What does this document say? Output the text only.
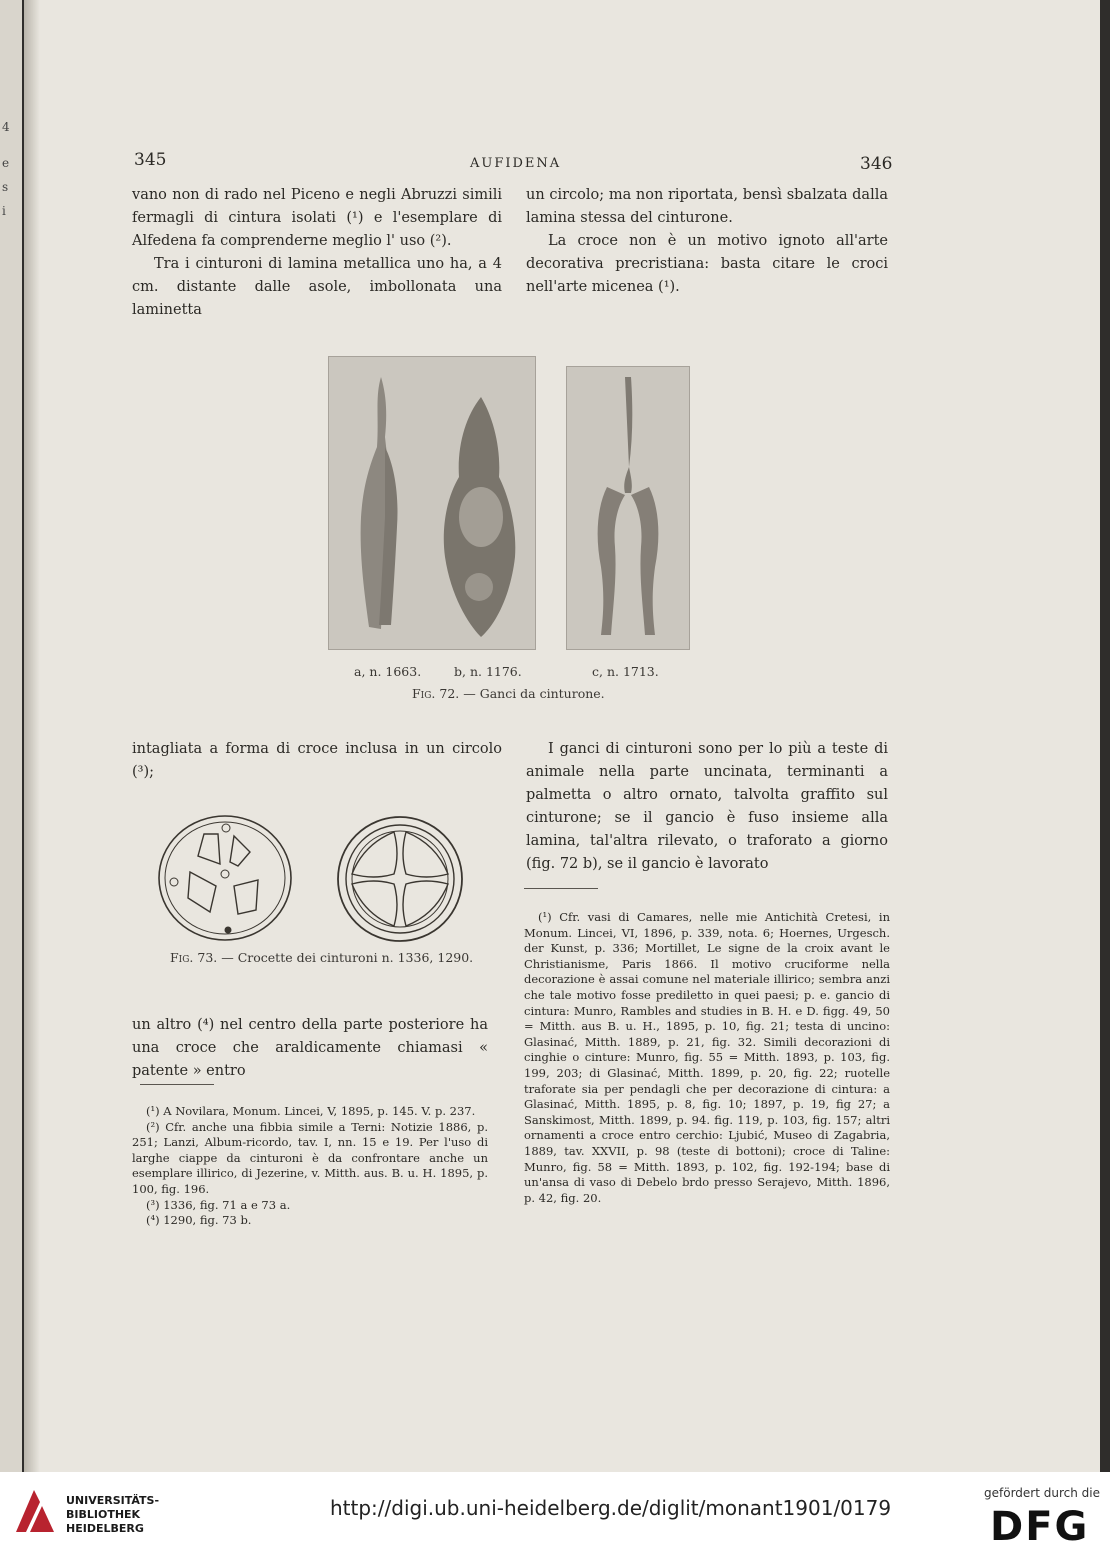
4
e
s
i
345	AUFIDENA	346

vano non di rado nel Piceno e negli Abruzzi simili fermagli di cintura isolati (¹) e l'esemplare di Alfedena fa comprenderne meglio l' uso (²).

Tra i cinturoni di lamina metallica uno ha, a 4 cm. distante dalle asole, imbollonata una laminetta

un circolo; ma non riportata, bensì sbalzata dalla lamina stessa del cinturone.

La croce non è un motivo ignoto all'arte decorativa precristiana: basta citare le croci nell'arte micenea (¹).

a, n. 1663.	b, n. 1176.	c, n. 1713.
Fig. 72. — Ganci da cinturone.

intagliata a forma di croce inclusa in un circolo (³);

I ganci di cinturoni sono per lo più a teste di animale nella parte uncinata, terminanti a palmetta o altro ornato, talvolta graffito sul cinturone; se il gancio è fuso insieme alla lamina, tal'altra rilevato, o traforato a giorno (fig. 72 b), se il gancio è lavorato

Fig. 73. — Crocette dei cinturoni n. 1336, 1290.

un altro (⁴) nel centro della parte posteriore ha una croce che araldicamente chiamasi « patente » entro

(¹) A Novilara, Monum. Lincei, V, 1895, p. 145. V. p. 237.

(²) Cfr. anche una fibbia simile a Terni: Notizie 1886, p. 251; Lanzi, Album-ricordo, tav. I, nn. 15 e 19. Per l'uso di larghe ciappe da cinturoni è da confrontare anche un esemplare illirico, di Jezerine, v. Mitth. aus. B. u. H. 1895, p. 100, fig. 196.

(³) 1336, fig. 71 a e 73 a.

(⁴) 1290, fig. 73 b.

(¹) Cfr. vasi di Camares, nelle mie Antichità Cretesi, in Monum. Lincei, VI, 1896, p. 339, nota. 6; Hoernes, Urgesch. der Kunst, p. 336; Mortillet, Le signe de la croix avant le Christianisme, Paris 1866. Il motivo cruciforme nella decorazione è assai comune nel materiale illirico; sembra anzi che tale motivo fosse prediletto in quei paesi; p. e. gancio di cintura: Munro, Rambles and studies in B. H. e D. figg. 49, 50 = Mitth. aus B. u. H., 1895, p. 10, fig. 21; testa di uncino: Glasinać, Mitth. 1889, p. 21, fig. 32. Simili decorazioni di cinghie o cinture: Munro, fig. 55 = Mitth. 1893, p. 103, fig. 199, 203; di Glasinać, Mitth. 1899, p. 20, fig. 22; ruotelle traforate sia per pendagli che per decorazione di cintura: a Glasinać, Mitth. 1895, p. 8, fig. 10; 1897, p. 19, fig 27; a Sanskimost, Mitth. 1899, p. 94. fig. 119, p. 103, fig. 157; altri ornamenti a croce entro cerchio: Ljubić, Museo di Zagabria, 1889, tav. XXVII, p. 98 (teste di bottoni); croce di Taline: Munro, fig. 58 = Mitth. 1893, p. 102, fig. 192-194; base di un'ansa di vaso di Debelo brdo presso Serajevo, Mitth. 1896, p. 42, fig. 20.

UNIVERSITÄTS-
BIBLIOTHEK
HEIDELBERG
http://digi.ub.uni-heidelberg.de/diglit/monant1901/0179
gefördert durch die
DFG
